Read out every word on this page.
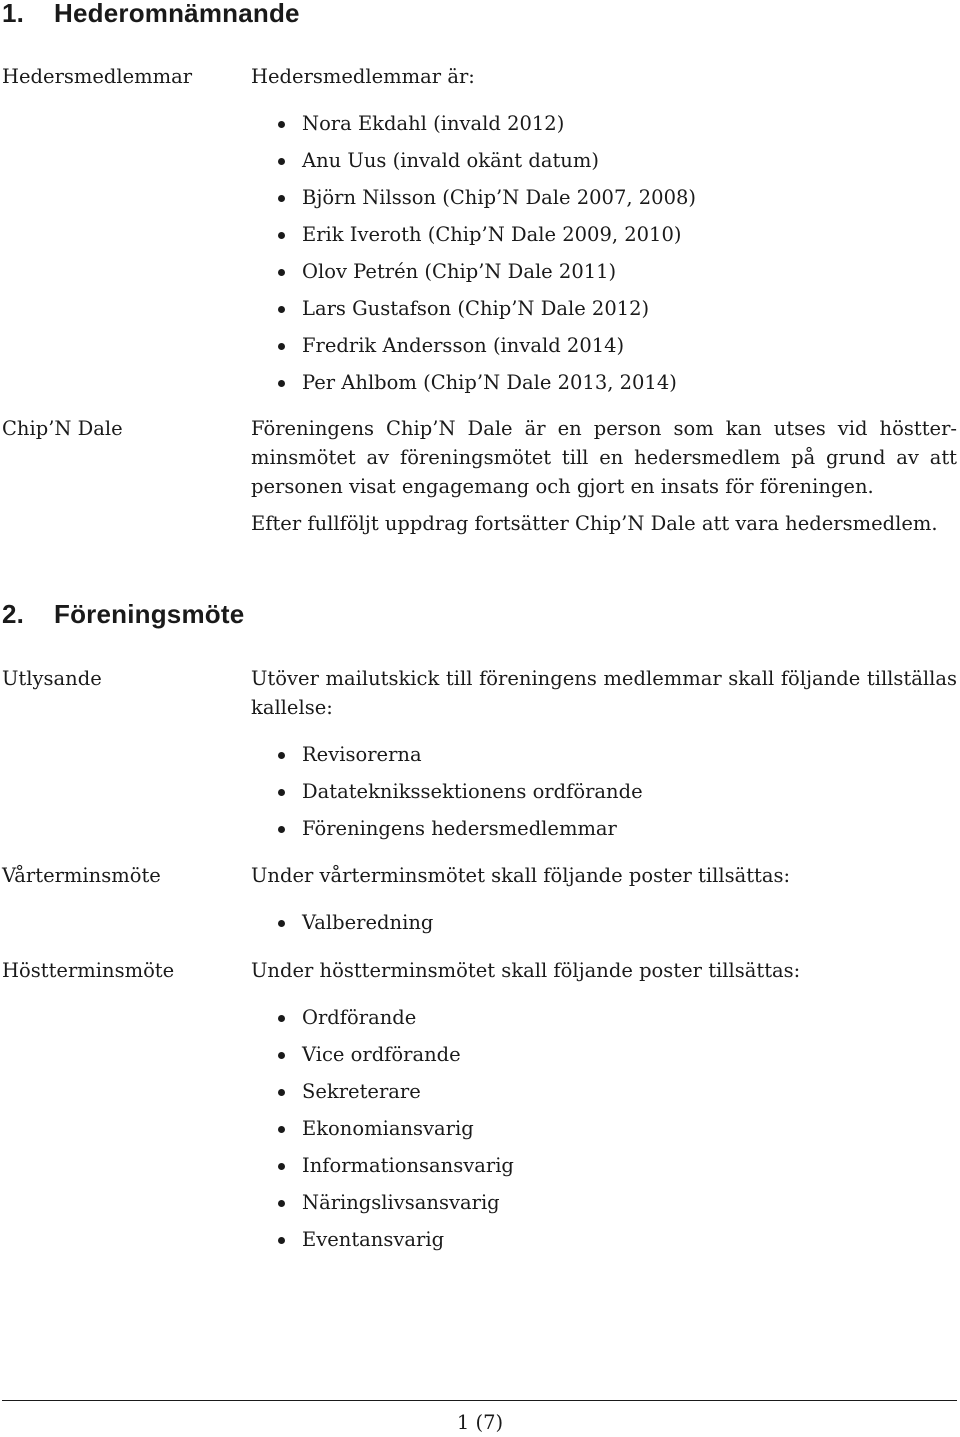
1. Hederomnämnande
Hedersmedlemmar	Hedersmedlemmar är:

Nora Ekdahl (invald 2012)
Anu Uus (invald okänt datum)
Björn Nilsson (Chip’N Dale 2007, 2008)
Erik Iveroth (Chip’N Dale 2009, 2010)
Olov Petrén (Chip’N Dale 2011)
Lars Gustafson (Chip’N Dale 2012)
Fredrik Andersson (invald 2014)
Per Ahlbom (Chip’N Dale 2013, 2014)
Chip’N Dale	Föreningens Chip’N Dale är en person som kan utses vid höstterminsmötet av föreningsmötet till en hedersmedlem på grund av att personen visat engagemang och gjort en insats för föreningen.

Efter fullföljt uppdrag fortsätter Chip’N Dale att vara hedersmedlem.

2. Föreningsmöte
Utlysande	Utöver mailutskick till föreningens medlemmar skall följande tillställas kallelse:

Revisorerna
Datateknikssektionens ordförande
Föreningens hedersmedlemmar
Vårterminsmöte	Under vårterminsmötet skall följande poster tillsättas:

Valberedning
Höstterminsmöte	Under höstterminsmötet skall följande poster tillsättas:

Ordförande
Vice ordförande
Sekreterare
Ekonomiansvarig
Informationsansvarig
Näringslivsansvarig
Eventansvarig
1 (7)
